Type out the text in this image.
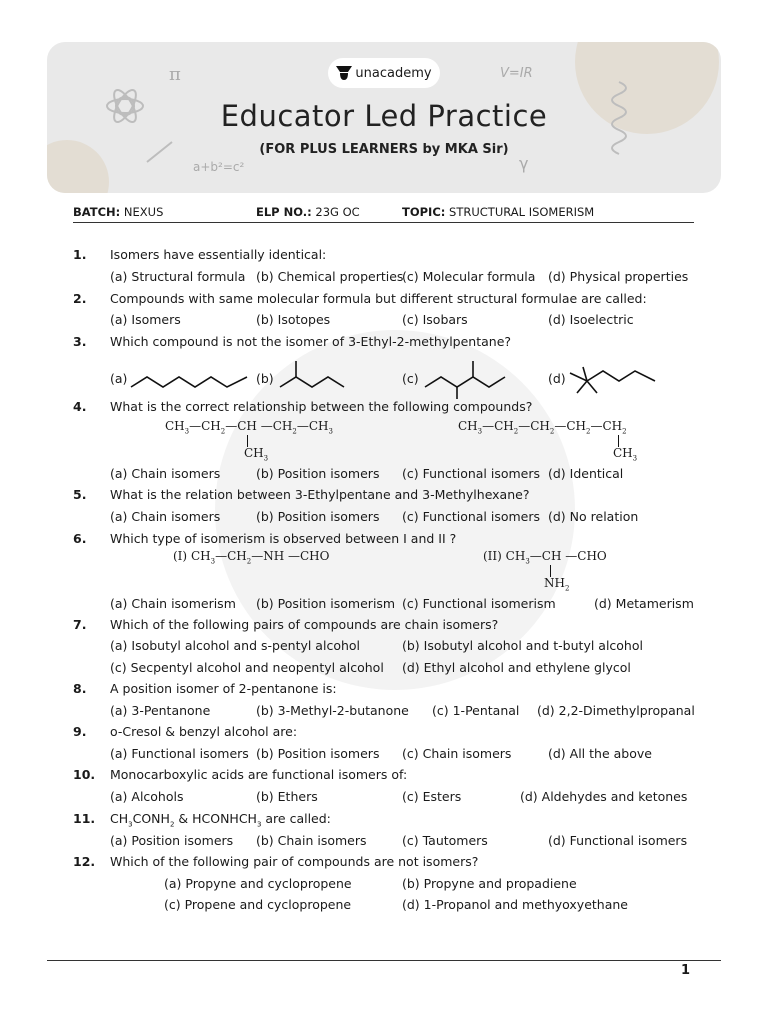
π
a+b²=c²
V=IR
γ
unacademy
Educator Led Practice
(FOR PLUS LEARNERS by MKA Sir)
BATCH: NEXUS	ELP NO.: 23G OC	TOPIC: STRUCTURAL ISOMERISM
1. Isomers have essentially identical:
(a) Structural formula (b) Chemical properties
(c) Molecular formula (d) Physical properties
2. Compounds with same molecular formula but different structural formulae are called:
(a) Isomers	(b) Isotopes	(c) Isobars	(d) Isoelectric
3. Which compound is not the isomer of 3-Ethyl-2-methylpentane?
(a)	(b)	(c)	(d)
4. What is the correct relationship between the following compounds?
$CH_3—CH_2—CH$ $—CH_2—CH_3$
$CH_3$
$CH_3—CH_2—CH_2—CH_2—CH_2$
$CH_3$
(a) Chain isomers	(b) Position isomers (c) Functional isomers (d) Identical
5. What is the relation between 3-Ethylpentane and 3-Methylhexane?
(a) Chain isomers	(b) Position isomers (c) Functional isomers (d) No relation
6. Which type of isomerism is observed between I and II ?
(I) $CH_3—CH_2—NH$ —CHO	(II) $CH_3—CH$ —CHO
$NH_2$
(a) Chain isomerism (b) Position isomerism (c) Functional isomerism	(d) Metamerism
7. Which of the following pairs of compounds are chain isomers?
(a) Isobutyl alcohol and s-pentyl alcohol	(b) Isobutyl alcohol and t-butyl alcohol
(c) Secpentyl alcohol and neopentyl alcohol (d) Ethyl alcohol and ethylene glycol
8. A position isomer of 2-pentanone is:
(a) 3-Pentanone	(b) 3-Methyl-2-butanone (c) 1-Pentanal (d) 2,2-Dimethylpropanal
9. o-Cresol & benzyl alcohol are:
(a) Functional isomers (b) Position isomers (c) Chain isomers	(d) All the above
10. Monocarboxylic acids are functional isomers of:
(a) Alcohols	(b) Ethers	(c) Esters	(d) Aldehydes and ketones
11. $CH_3CONH_2$ & $HCONHCH_3$ are called:
(a) Position isomers (b) Chain isomers	(c) Tautomers	(d) Functional isomers
12. Which of the following pair of compounds are not isomers?
(a) Propyne and cyclopropene	(b) Propyne and propadiene
(c) Propene and cyclopropene	(d) 1-Propanol and methyoxyethane
1
